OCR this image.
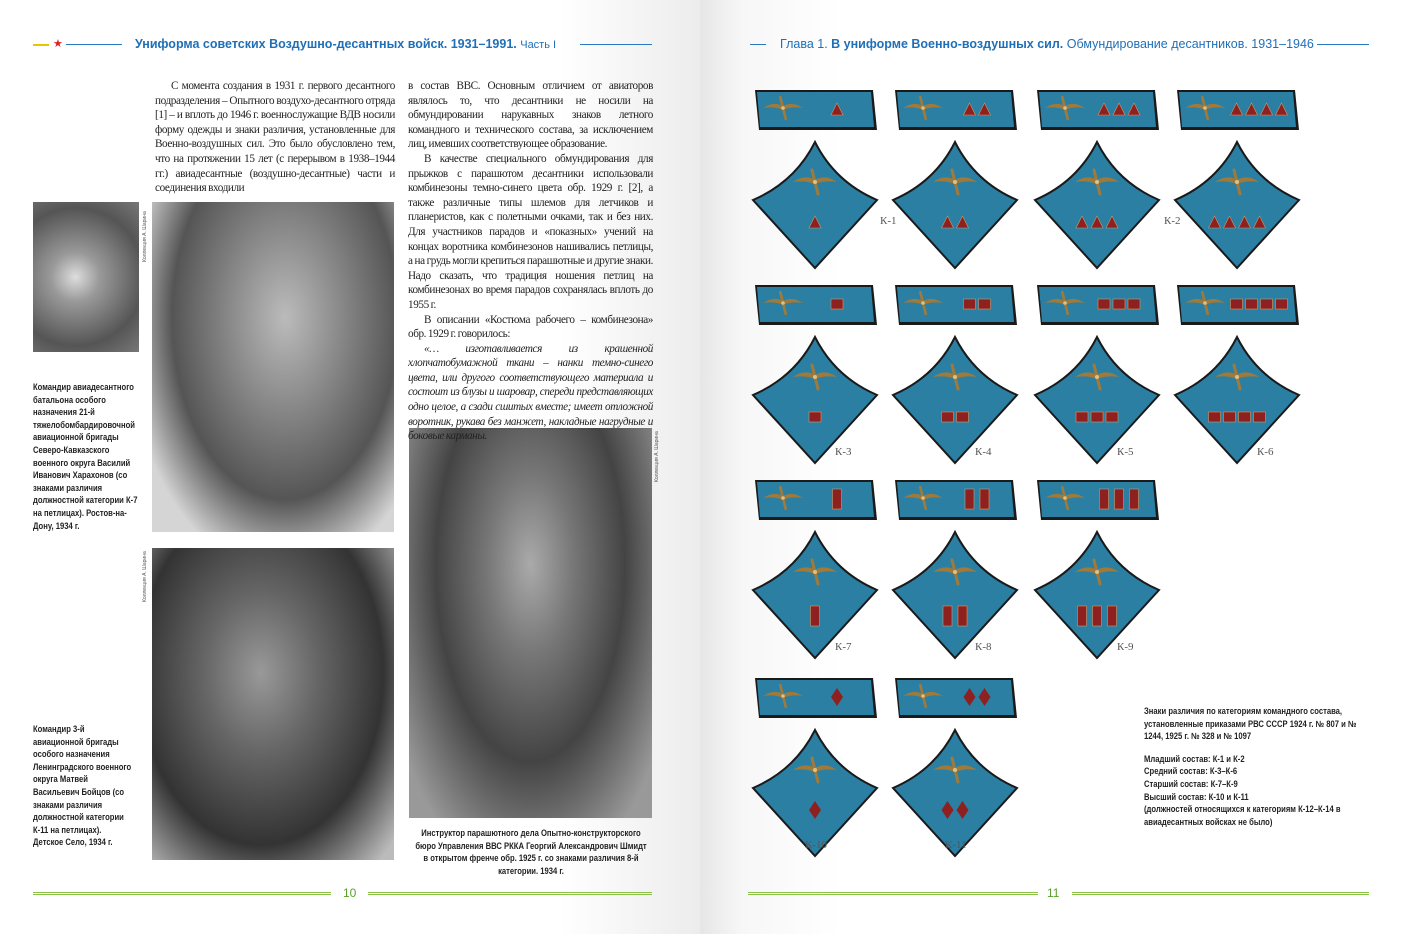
★	Униформа советских Воздушно-десантных войск. 1931–1991. Часть I

С момента создания в 1931 г. первого десантного подразделения – Опытного воздухо-десантного отряда [1] – и вплоть до 1946 г. военнослужащие ВДВ носили форму одежды и знаки различия, установленные для Военно-воздушных сил. Это было обусловлено тем, что на протяжении 15 лет (с перерывом в 1938–1944 гг.) авиадесантные (воздушно-десантные) части и соединения входили

в состав ВВС. Основным отличием от авиаторов являлось то, что десантники не носили на обмундировании нарукавных знаков летного командного и технического состава, за исключением лиц, имевших соответствующее образование.

В качестве специального обмундирования для прыжков с парашютом десантники использовали комбинезоны темно-синего цвета обр. 1929 г. [2], а также различные типы шлемов для летчиков и планеристов, как с полетными очками, так и без них. Для участников парадов и «показных» учений на концах воротника комбинезонов нашивались петлицы, а на грудь могли крепиться парашютные и другие знаки. Надо сказать, что традиция ношения петлиц на комбинезонах во время парадов сохранялась вплоть до 1955 г.

В описании «Костюма рабочего – комбинезона» обр. 1929 г. говорилось:

«… изготавливается из крашенной хлопчатобумажной ткани – нанки темно-синего цвета, или другого соответствующего материала и состоит из блузы и шаровар, спереди представляющих одно целое, а сзади сшитых вместе; имеет отложной воротник, рукава без манжет, накладные нагрудные и боковые карманы.

Коллекция А. Шарина
Коллекция А. Шарина
Коллекция А. Шарина
Командир авиадесантного батальона особого назначения 21-й тяжелобомбардировочной авиационной бригады Северо-Кавказского военного округа Василий Иванович Харахонов (со знаками различия должностной категории К-7 на петлицах). Ростов-на-Дону, 1934 г.
Командир 3-й авиационной бригады особого назначения Ленинградского военного округа Матвей Васильевич Бойцов (со знаками различия должностной категории К-11 на петлицах). Детское Село, 1934 г.
Инструктор парашютного дела Опытно-конструкторского бюро Управления ВВС РККА Георгий Александрович Шмидт в открытом френче обр. 1925 г. со знаками различия 8-й категории. 1934 г.
10
Глава 1. В униформе Военно-воздушных сил. Обмундирование десантников. 1931–1946
К-3	К-4	К-5	К-6
К-7	К-8	К-9
К-10	К-11
К-1	К-2
Знаки различия по категориям командного состава, установленные приказами РВС СССР 1924 г. № 807 и № 1244, 1925 г. № 328 и № 1097
Младший состав: К-1 и К-2
Средний состав: К-3–К-6
Старший состав: К-7–К-9
Высший состав: К-10 и К-11
(должностей относящихся к категориям К-12–К-14 в авиадесантных войсках не было)
11
